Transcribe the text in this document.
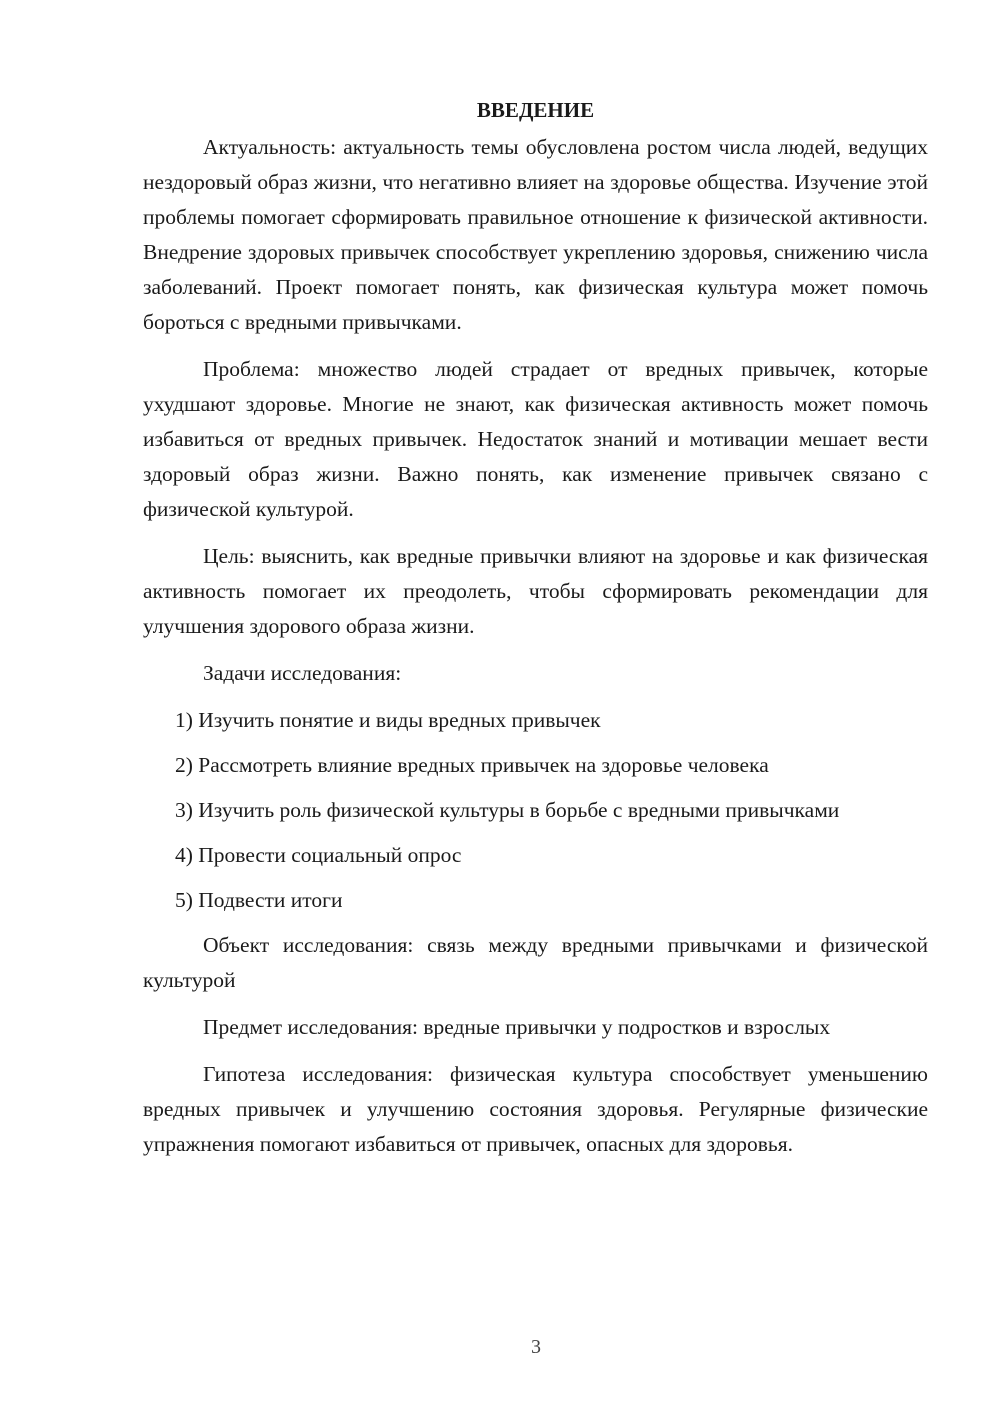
ВВЕДЕНИЕ

Актуальность: актуальность темы обусловлена ростом числа людей, ведущих нездоровый образ жизни, что негативно влияет на здоровье общества. Изучение этой проблемы помогает сформировать правильное отношение к физической активности. Внедрение здоровых привычек способствует укреплению здоровья, снижению числа заболеваний. Проект помогает понять, как физическая культура может помочь бороться с вредными привычками.

Проблема: множество людей страдает от вредных привычек, которые ухудшают здоровье. Многие не знают, как физическая активность может помочь избавиться от вредных привычек. Недостаток знаний и мотивации мешает вести здоровый образ жизни. Важно понять, как изменение привычек связано с физической культурой.

Цель: выяснить, как вредные привычки влияют на здоровье и как физическая активность помогает их преодолеть, чтобы сформировать рекомендации для улучшения здорового образа жизни.

Задачи исследования:

1) Изучить понятие и виды вредных привычек

2) Рассмотреть влияние вредных привычек на здоровье человека

3) Изучить роль физической культуры в борьбе с вредными привычками

4) Провести социальный опрос

5) Подвести итоги

Объект исследования: связь между вредными привычками и физической культурой

Предмет исследования: вредные привычки у подростков и взрослых

Гипотеза исследования: физическая культура способствует уменьшению вредных привычек и улучшению состояния здоровья. Регулярные физические упражнения помогают избавиться от привычек, опасных для здоровья.

3
